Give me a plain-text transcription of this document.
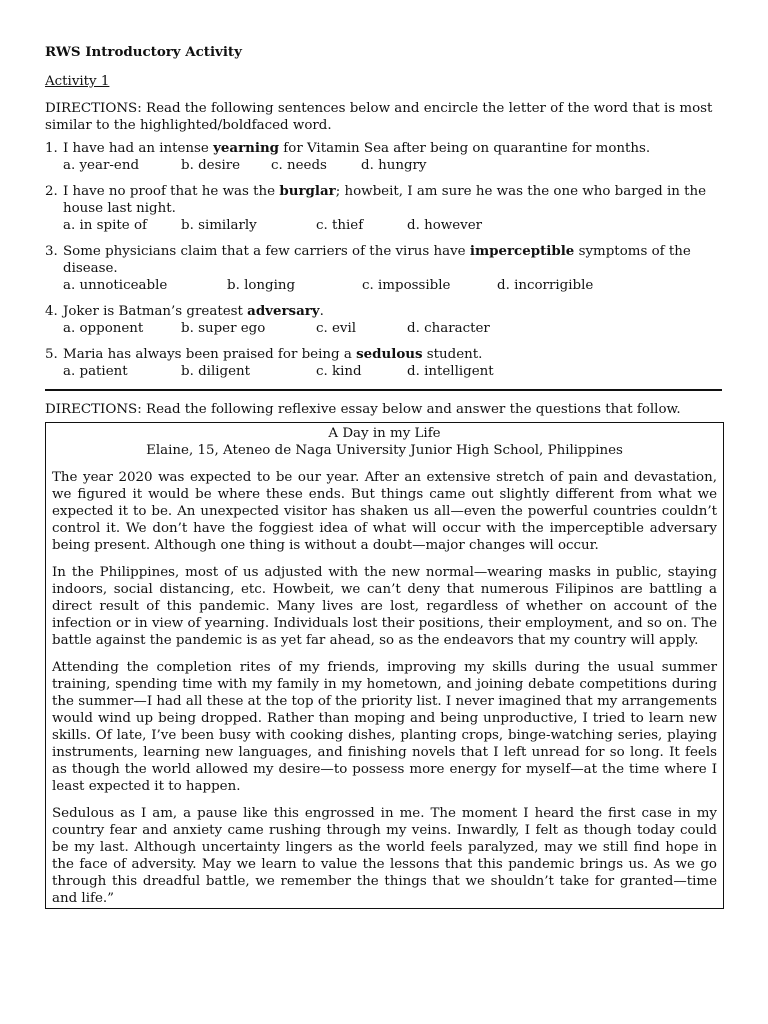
RWS Introductory Activity
Activity 1
DIRECTIONS: Read the following sentences below and encircle the letter of the word that is most similar to the highlighted/boldfaced word.
1. I have had an intense yearning for Vitamin Sea after being on quarantine for months.
a. year-end	b. desire	c. needs	d. hungry
2. I have no proof that he was the burglar; howbeit, I am sure he was the one who barged in the house last night.
a. in spite of	b. similarly	c. thief	d. however
3. Some physicians claim that a few carriers of the virus have imperceptible symptoms of the disease.
a. unnoticeable	b. longing	c. impossible	d. incorrigible
4. Joker is Batman’s greatest adversary.
a. opponent	b. super ego	c. evil	d. character
5. Maria has always been praised for being a sedulous student.
a. patient	b. diligent	c. kind	d. intelligent
DIRECTIONS: Read the following reflexive essay below and answer the questions that follow.
A Day in my Life
Elaine, 15, Ateneo de Naga University Junior High School, Philippines

The year 2020 was expected to be our year. After an extensive stretch of pain and devastation, we figured it would be where these ends. But things came out slightly different from what we expected it to be. An unexpected visitor has shaken us all—even the powerful countries couldn’t control it. We don’t have the foggiest idea of what will occur with the imperceptible adversary being present. Although one thing is without a doubt—major changes will occur.

In the Philippines, most of us adjusted with the new normal—wearing masks in public, staying indoors, social distancing, etc. Howbeit, we can’t deny that numerous Filipinos are battling a direct result of this pandemic. Many lives are lost, regardless of whether on account of the infection or in view of yearning. Individuals lost their positions, their employment, and so on. The battle against the pandemic is as yet far ahead, so as the endeavors that my country will apply.

Attending the completion rites of my friends, improving my skills during the usual summer training, spending time with my family in my hometown, and joining debate competitions during the summer—I had all these at the top of the priority list. I never imagined that my arrangements would wind up being dropped. Rather than moping and being unproductive, I tried to learn new skills. Of late, I’ve been busy with cooking dishes, planting crops, binge-watching series, playing instruments, learning new languages, and finishing novels that I left unread for so long. It feels as though the world allowed my desire—to possess more energy for myself—at the time where I least expected it to happen.

Sedulous as I am, a pause like this engrossed in me. The moment I heard the first case in my country fear and anxiety came rushing through my veins. Inwardly, I felt as though today could be my last. Although uncertainty lingers as the world feels paralyzed, may we still find hope in the face of adversity. May we learn to value the lessons that this pandemic brings us. As we go through this dreadful battle, we remember the things that we shouldn’t take for granted—time and life.”
